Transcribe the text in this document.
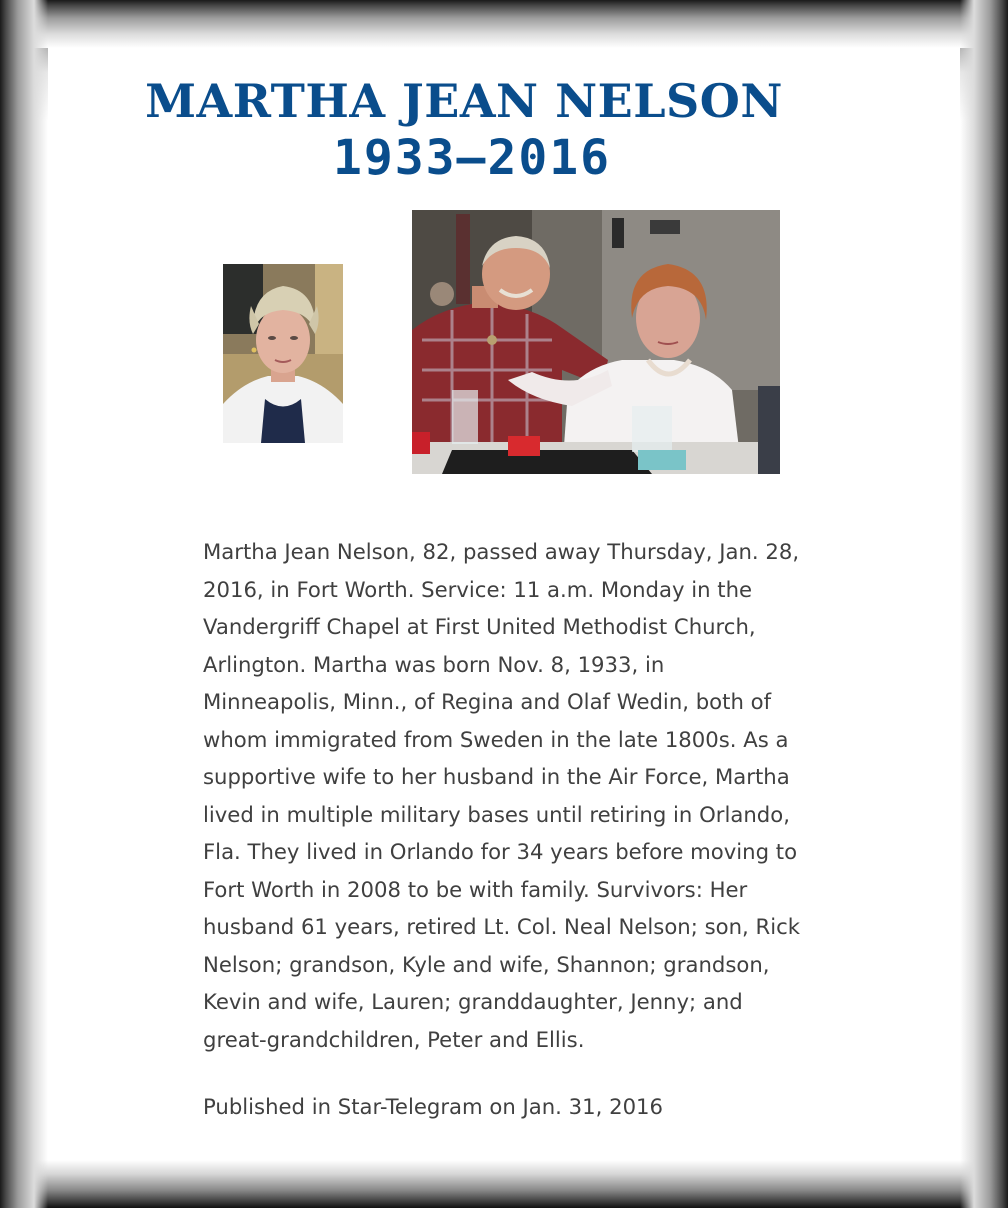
MARTHA JEAN NELSON
1933–2016

Martha Jean Nelson, 82, passed away Thursday, Jan. 28, 2016, in Fort Worth. Service: 11 a.m. Monday in the Vandergriff Chapel at First United Methodist Church, Arlington. Martha was born Nov. 8, 1933, in Minneapolis, Minn., of Regina and Olaf Wedin, both of whom immigrated from Sweden in the late 1800s. As a supportive wife to her husband in the Air Force, Martha lived in multiple military bases until retiring in Orlando, Fla. They lived in Orlando for 34 years before moving to Fort Worth in 2008 to be with family. Survivors: Her husband 61 years, retired Lt. Col. Neal Nelson; son, Rick Nelson; grandson, Kyle and wife, Shannon; grandson, Kevin and wife, Lauren; granddaughter, Jenny; and great-grandchildren, Peter and Ellis.

Published in Star-Telegram on Jan. 31, 2016
